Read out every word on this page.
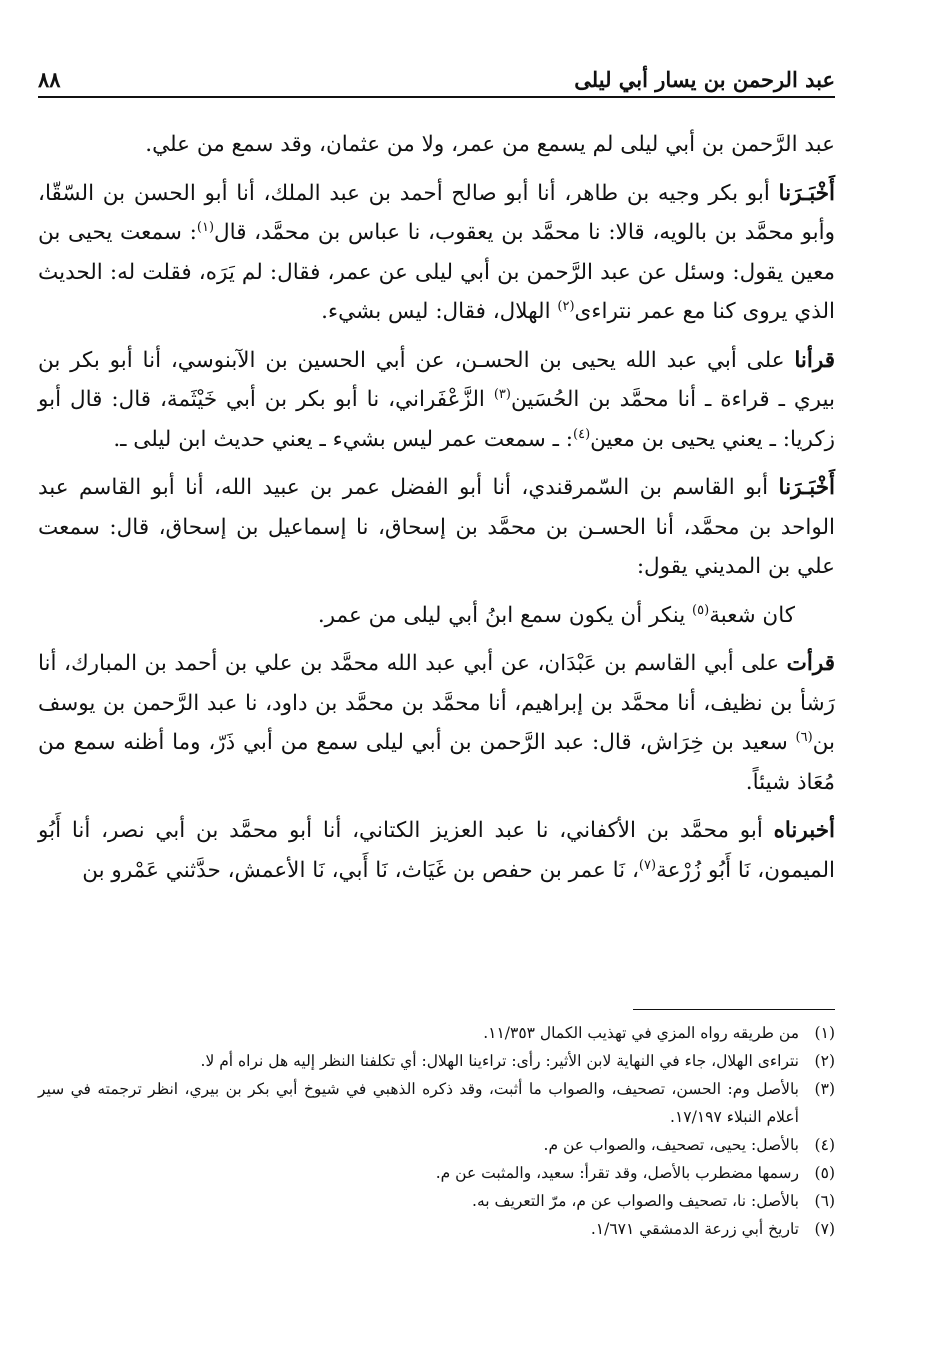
عبد الرحمن بن يسار أبي ليلى
٨٨

عبد الرَّحمن بن أبي ليلى لم يسمع من عمر، ولا من عثمان، وقد سمع من علي.

أَخْبَـرَنا أبو بكر وجيه بن طاهر، أنا أبو صالح أحمد بن عبد الملك، أنا أبو الحسن بن السّقّا، وأبو محمَّد بن بالويه، قالا: نا محمَّد بن يعقوب، نا عباس بن محمَّد، قال$^{(١)}$: سمعت يحيى بن معين يقول: وسئل عن عبد الرَّحمن بن أبي ليلى عن عمر، فقال: لم يَرَه، فقلت له: الحديث الذي يروى كنا مع عمر نتراءى$^{(٢)}$ الهلال، فقال: ليس بشيء.

قرأنا على أبي عبد الله يحيى بن الحسـن، عن أبي الحسين بن الآبنوسي، أنا أبو بكر بن بيري ـ قراءة ـ أنا محمَّد بن الحُسَين$^{(٣)}$ الزَّعْفَراني، نا أبو بكر بن أبي خَيْثَمة، قال: قال أبو زكريا: ـ يعني يحيى بن معين$^{(٤)}$: ـ سمعت عمر ليس بشيء ـ يعني حديث ابن ليلى ـ.

أَخْبَـرَنا أبو القاسم بن السّمرقندي، أنا أبو الفضل عمر بن عبيد الله، أنا أبو القاسم عبد الواحد بن محمَّد، أنا الحسـن بن محمَّد بن إسحاق، نا إسماعيل بن إسحاق، قال: سمعت علي بن المديني يقول:

كان شعبة$^{(٥)}$ ينكر أن يكون سمع ابنُ أبي ليلى من عمر.

قرأت على أبي القاسم بن عَبْدَان، عن أبي عبد الله محمَّد بن علي بن أحمد بن المبارك، أنا رَشأ بن نظيف، أنا محمَّد بن إبراهيم، أنا محمَّد بن محمَّد بن داود، نا عبد الرَّحمن بن يوسف بن$^{(٦)}$ سعيد بن خِرَاش، قال: عبد الرَّحمن بن أبي ليلى سمع من أبي ذَرّ، وما أظنه سمع من مُعَاذ شيئاً.

أخبرناه أبو محمَّد بن الأكفاني، نا عبد العزيز الكتاني، أنا أبو محمَّد بن أبي نصر، أنا أَبُو الميمون، نَا أَبُو زُرْعة$^{(٧)}$، نَا عمر بن حفص بن غَيَاث، نَا أَبي، نَا الأعمش، حدَّثني عَمْرو بن

(١)
من طريقه رواه المزي في تهذيب الكمال ١١/٣٥٣.
(٢)
نتراءى الهلال، جاء في النهاية لابن الأثير: رأى: تراءينا الهلال: أي تكلفنا النظر إليه هل نراه أم لا.
(٣)
بالأصل وم: الحسن، تصحيف، والصواب ما أثبت، وقد ذكره الذهبي في شيوخ أبي بكر بن بيري، انظر ترجمته في سير أعلام النبلاء ١٧/١٩٧.
(٤)
بالأصل: يحيى، تصحيف، والصواب عن م.
(٥)
رسمها مضطرب بالأصل، وقد تقرأ: سعيد، والمثبت عن م.
(٦)
بالأصل: نا، تصحيف والصواب عن م، مرّ التعريف به.
(٧)
تاريخ أبي زرعة الدمشقي ١/٦٧١.
